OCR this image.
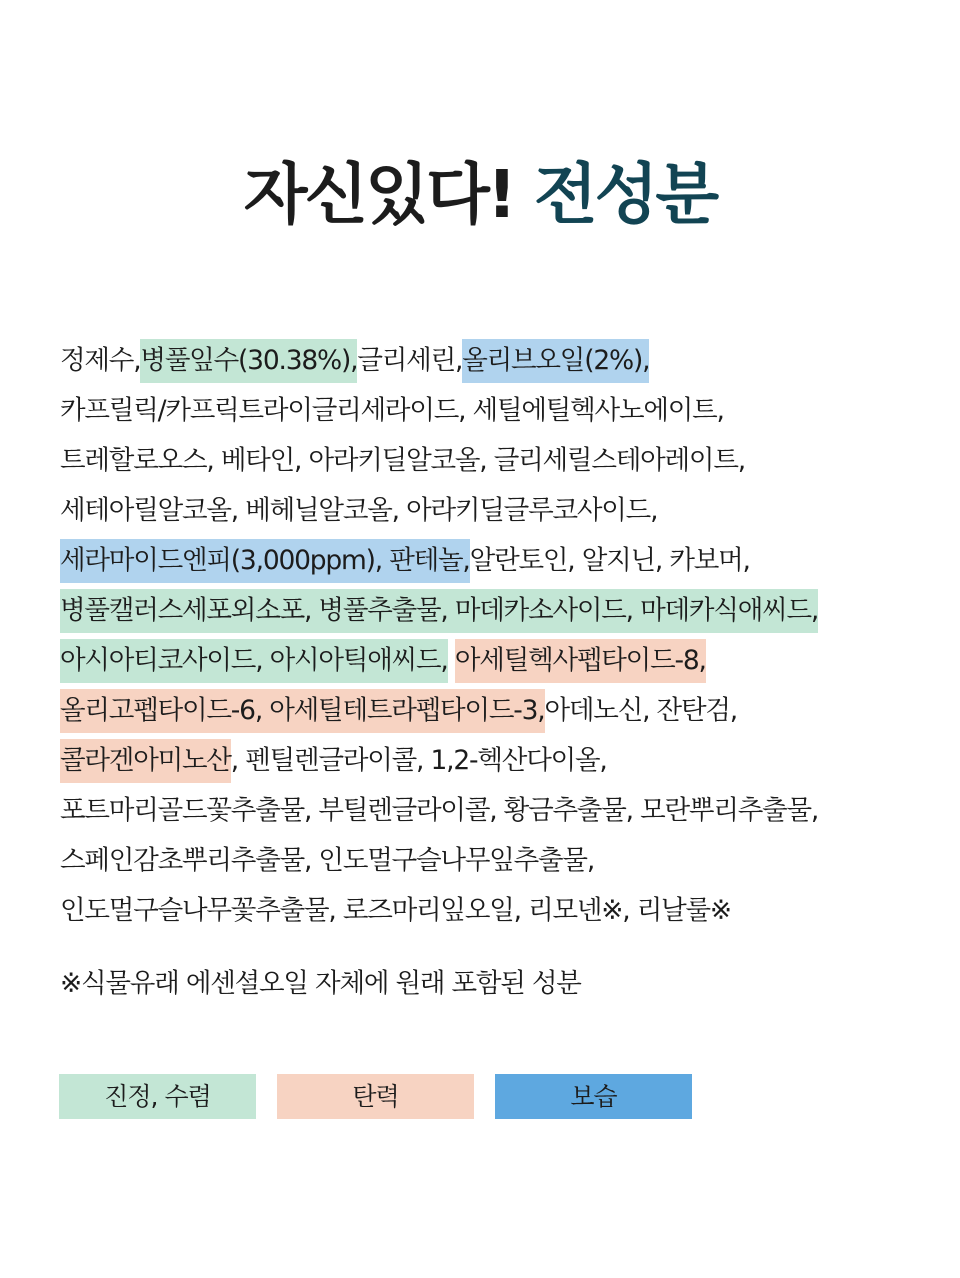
자신있다! 전성분
정제수,병풀잎수(30.38%),글리세린,올리브오일(2%),
카프릴릭/카프릭트라이글리세라이드, 세틸에틸헥사노에이트,
트레할로오스, 베타인, 아라키딜알코올, 글리세릴스테아레이트,
세테아릴알코올, 베헤닐알코올, 아라키딜글루코사이드,
세라마이드엔피(3,000ppm), 판테놀,알란토인, 알지닌, 카보머,
병풀캘러스세포외소포, 병풀추출물, 마데카소사이드, 마데카식애씨드,
아시아티코사이드, 아시아틱애씨드, 아세틸헥사펩타이드-8,
올리고펩타이드-6, 아세틸테트라펩타이드-3,아데노신, 잔탄검,
콜라겐아미노산, 펜틸렌글라이콜, 1,2-헥산다이올,
포트마리골드꽃추출물, 부틸렌글라이콜, 황금추출물, 모란뿌리추출물,
스페인감초뿌리추출물, 인도멀구슬나무잎추출물,
인도멀구슬나무꽃추출물, 로즈마리잎오일, 리모넨※, 리날룰※
※식물유래 에센셜오일 자체에 원래 포함된 성분
진정, 수렴	탄력	보습
